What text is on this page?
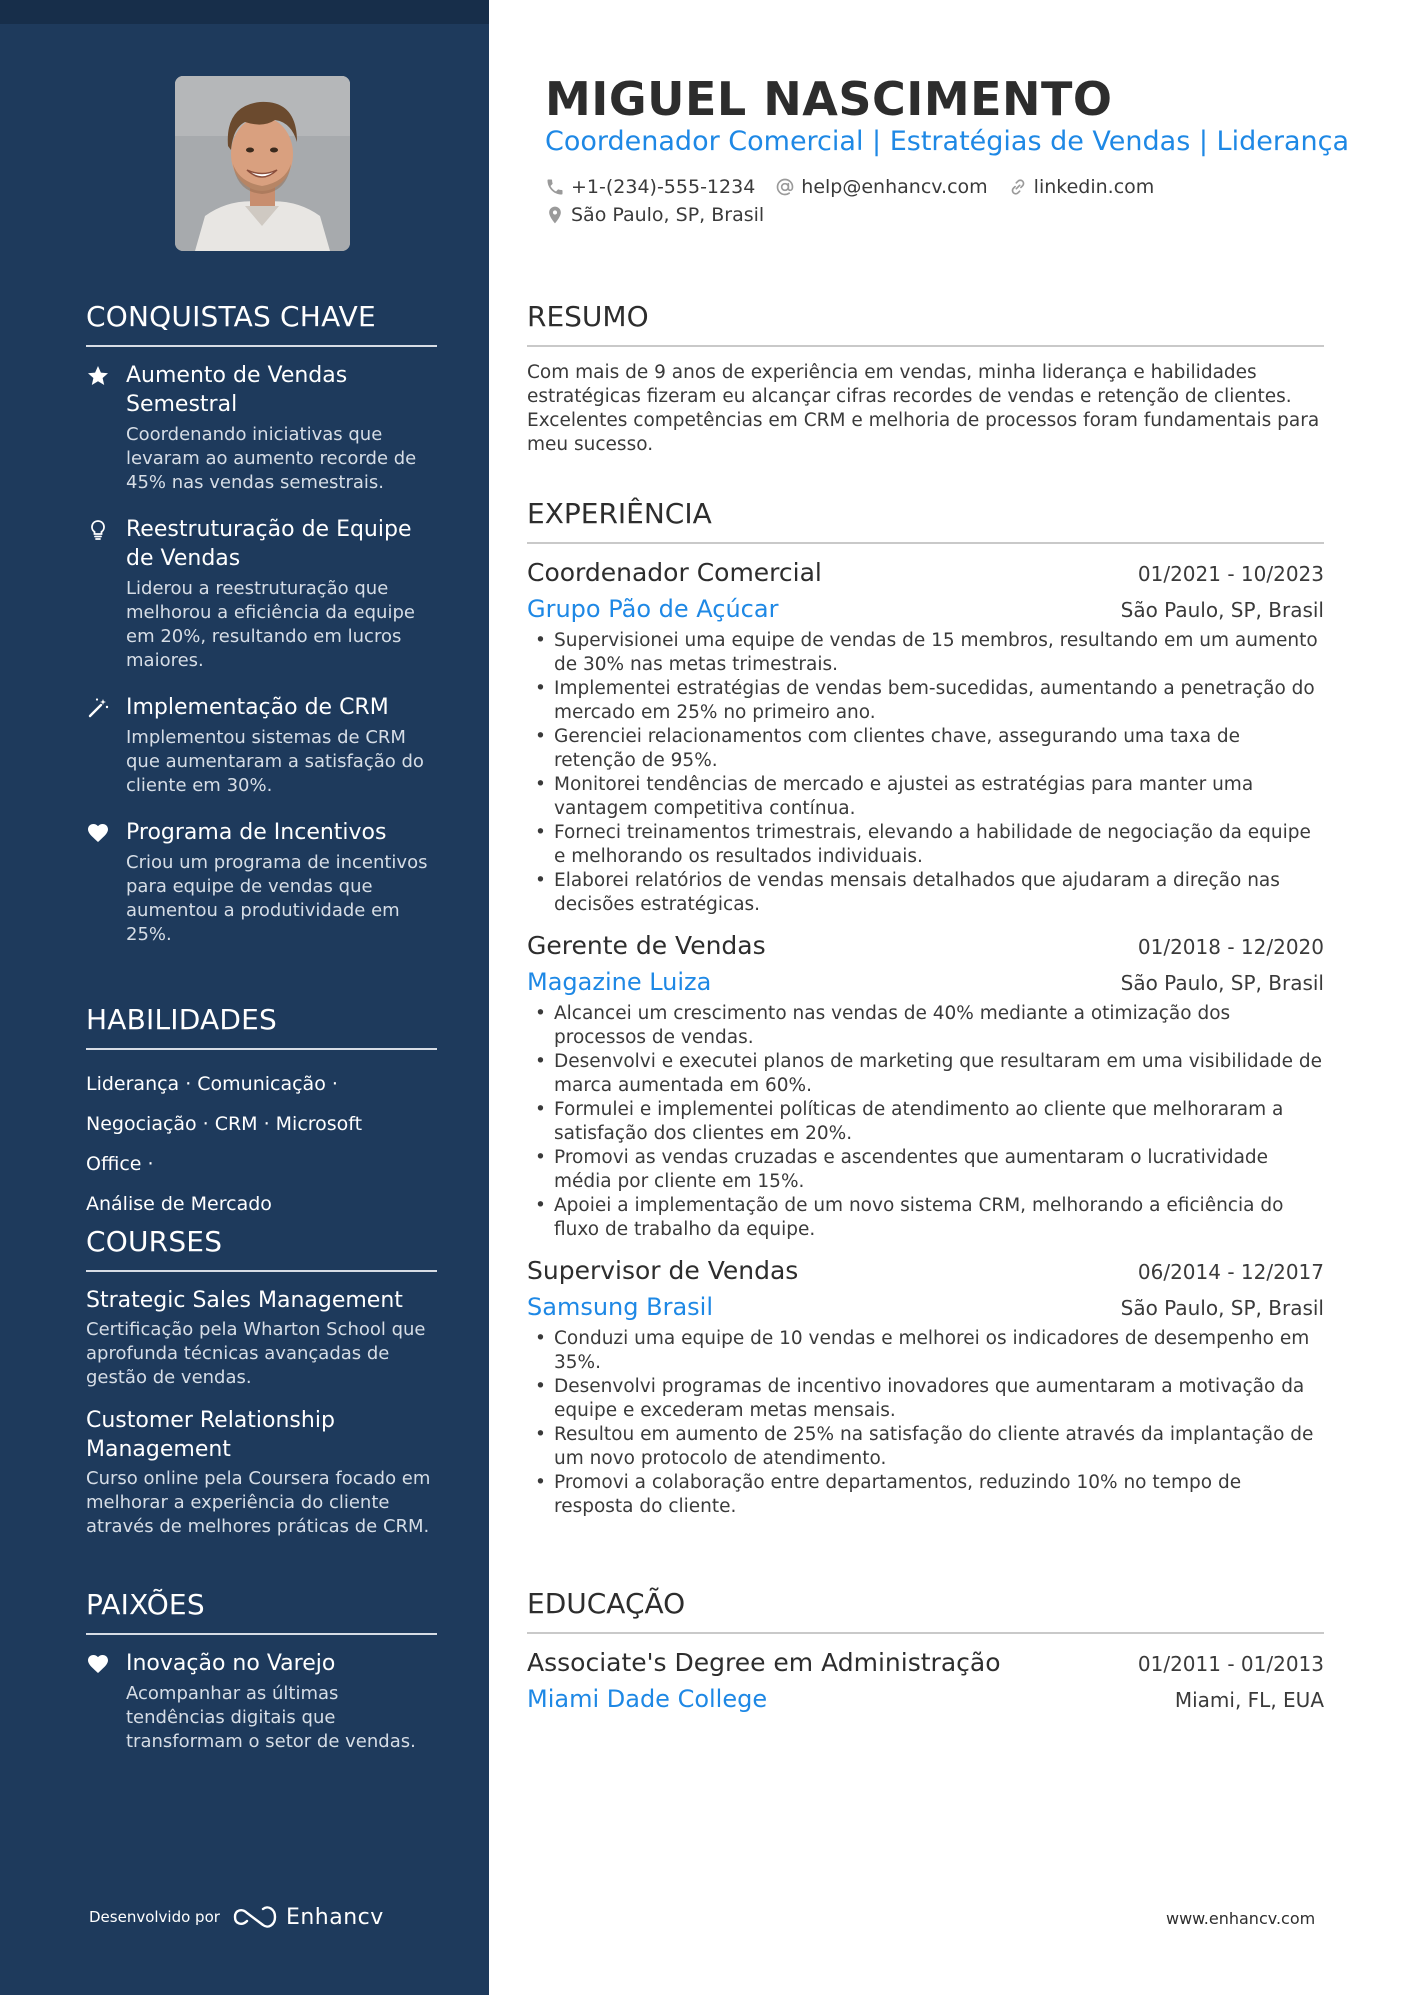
CONQUISTAS CHAVE
Aumento de Vendas Semestral
Coordenando iniciativas que levaram ao aumento recorde de 45% nas vendas semestrais.
Reestruturação de Equipe de Vendas
Liderou a reestruturação que melhorou a eficiência da equipe em 20%, resultando em lucros maiores.
Implementação de CRM
Implementou sistemas de CRM que aumentaram a satisfação do cliente em 30%.
Programa de Incentivos
Criou um programa de incentivos para equipe de vendas que aumentou a produtividade em 25%.
HABILIDADES
Liderança · Comunicação ·
Negociação · CRM · Microsoft Office ·
Análise de Mercado
COURSES
Strategic Sales Management
Certificação pela Wharton School que aprofunda técnicas avançadas de gestão de vendas.
Customer Relationship Management
Curso online pela Coursera focado em melhorar a experiência do cliente através de melhores práticas de CRM.
PAIXÕES
Inovação no Varejo
Acompanhar as últimas tendências digitais que transformam o setor de vendas.
Desenvolvido por	Enhancv
MIGUEL NASCIMENTO
Coordenador Comercial | Estratégias de Vendas | Liderança
+1-(234)-555-1234 help@enhancv.com linkedin.com
São Paulo, SP, Brasil
RESUMO
Com mais de 9 anos de experiência em vendas, minha liderança e habilidades estratégicas fizeram eu alcançar cifras recordes de vendas e retenção de clientes. Excelentes competências em CRM e melhoria de processos foram fundamentais para meu sucesso.
EXPERIÊNCIA
Coordenador Comercial	01/2021 - 10/2023
Grupo Pão de Açúcar	São Paulo, SP, Brasil
• Supervisionei uma equipe de vendas de 15 membros, resultando em um aumento de 30% nas metas trimestrais.
• Implementei estratégias de vendas bem-sucedidas, aumentando a penetração do mercado em 25% no primeiro ano.
• Gerenciei relacionamentos com clientes chave, assegurando uma taxa de retenção de 95%.
• Monitorei tendências de mercado e ajustei as estratégias para manter uma vantagem competitiva contínua.
• Forneci treinamentos trimestrais, elevando a habilidade de negociação da equipe e melhorando os resultados individuais.
• Elaborei relatórios de vendas mensais detalhados que ajudaram a direção nas decisões estratégicas.
Gerente de Vendas	01/2018 - 12/2020
Magazine Luiza	São Paulo, SP, Brasil
• Alcancei um crescimento nas vendas de 40% mediante a otimização dos processos de vendas.
• Desenvolvi e executei planos de marketing que resultaram em uma visibilidade de marca aumentada em 60%.
• Formulei e implementei políticas de atendimento ao cliente que melhoraram a satisfação dos clientes em 20%.
• Promovi as vendas cruzadas e ascendentes que aumentaram o lucratividade média por cliente em 15%.
• Apoiei a implementação de um novo sistema CRM, melhorando a eficiência do fluxo de trabalho da equipe.
Supervisor de Vendas	06/2014 - 12/2017
Samsung Brasil	São Paulo, SP, Brasil
• Conduzi uma equipe de 10 vendas e melhorei os indicadores de desempenho em 35%.
• Desenvolvi programas de incentivo inovadores que aumentaram a motivação da equipe e excederam metas mensais.
• Resultou em aumento de 25% na satisfação do cliente através da implantação de um novo protocolo de atendimento.
• Promovi a colaboração entre departamentos, reduzindo 10% no tempo de resposta do cliente.
EDUCAÇÃO
Associate's Degree em Administração	01/2011 - 01/2013
Miami Dade College	Miami, FL, EUA
www.enhancv.com
